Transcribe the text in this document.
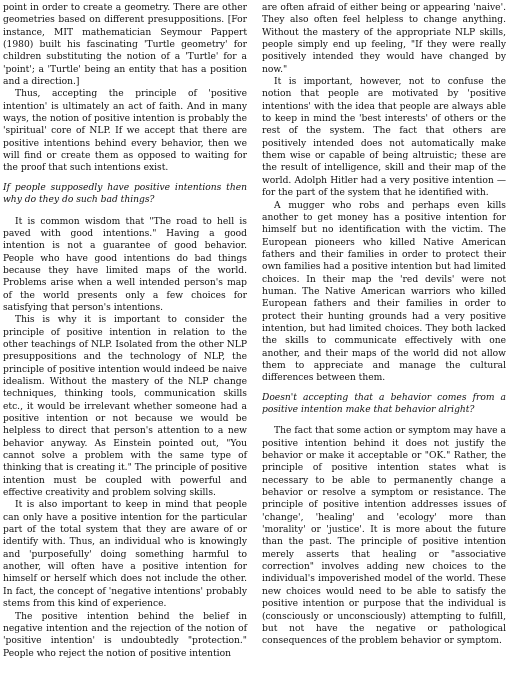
point in order to create a geometry. There are other geometries based on different presuppositions. [For instance, MIT mathematician Seymour Pappert (1980) built his fascinating 'Turtle geometry' for children substituting the notion of a 'Turtle' for a 'point'; a 'Turtle' being an entity that has a position and a direction.]

Thus, accepting the principle of 'positive intention' is ultimately an act of faith. And in many ways, the notion of positive intention is probably the 'spiritual' core of NLP. If we accept that there are positive intentions behind every behavior, then we will find or create them as opposed to waiting for the proof that such intentions exist.

If people supposedly have positive intentions then why do they do such bad things?

It is common wisdom that "The road to hell is paved with good intentions." Having a good intention is not a guarantee of good behavior. People who have good intentions do bad things because they have limited maps of the world. Problems arise when a well intended person's map of the world presents only a few choices for satisfying that person's intentions.

This is why it is important to consider the principle of positive intention in relation to the other teachings of NLP. Isolated from the other NLP presuppositions and the technology of NLP, the principle of positive intention would indeed be naive idealism. Without the mastery of the NLP change techniques, thinking tools, communication skills etc., it would be irrelevant whether someone had a positive intention or not because we would be helpless to direct that person's attention to a new behavior anyway. As Einstein pointed out, "You cannot solve a problem with the same type of thinking that is creating it." The principle of positive intention must be coupled with powerful and effective creativity and problem solving skills.

It is also important to keep in mind that people can only have a positive intention for the particular part of the total system that they are aware of or identify with. Thus, an individual who is knowingly and 'purposefully' doing something harmful to another, will often have a positive intention for himself or herself which does not include the other. In fact, the concept of 'negative intentions' probably stems from this kind of experience.

The positive intention behind the belief in negative intention and the rejection of the notion of 'positive intention' is undoubtedly "protection." People who reject the notion of positive intention

are often afraid of either being or appearing 'naive'. They also often feel helpless to change anything. Without the mastery of the appropriate NLP skills, people simply end up feeling, "If they were really positively intended they would have changed by now."

It is important, however, not to confuse the notion that people are motivated by 'positive intentions' with the idea that people are always able to keep in mind the 'best interests' of others or the rest of the system. The fact that others are positively intended does not automatically make them wise or capable of being altruistic; these are the result of intelligence, skill and their map of the world. Adolph Hitler had a very positive intention —for the part of the system that he identified with.

A mugger who robs and perhaps even kills another to get money has a positive intention for himself but no identification with the victim. The European pioneers who killed Native American fathers and their families in order to protect their own families had a positive intention but had limited choices. In their map the 'red devils' were not human. The Native American warriors who killed European fathers and their families in order to protect their hunting grounds had a very positive intention, but had limited choices. They both lacked the skills to communicate effectively with one another, and their maps of the world did not allow them to appreciate and manage the cultural differences between them.

Doesn't accepting that a behavior comes from a positive intention make that behavior alright?

The fact that some action or symptom may have a positive intention behind it does not justify the behavior or make it acceptable or "OK." Rather, the principle of positive intention states what is necessary to be able to permanently change a behavior or resolve a symptom or resistance. The principle of positive intention addresses issues of 'change', 'healing' and 'ecology' more than 'morality' or 'justice'. It is more about the future than the past. The principle of positive intention merely asserts that healing or "associative correction" involves adding new choices to the individual's impoverished model of the world. These new choices would need to be able to satisfy the positive intention or purpose that the individual is (consciously or unconsciously) attempting to fulfill, but not have the negative or pathological consequences of the problem behavior or symptom.
